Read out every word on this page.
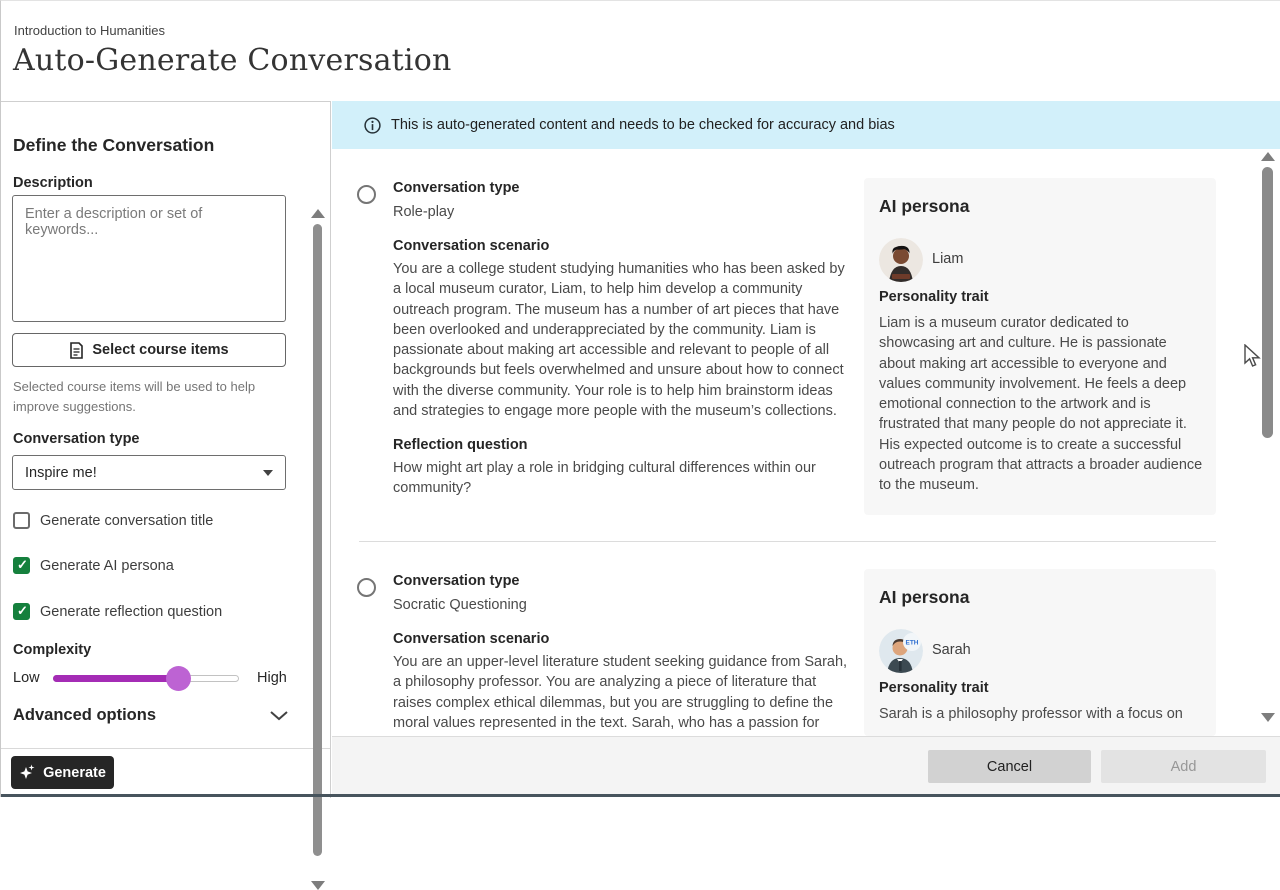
Introduction to Humanities
Auto-Generate Conversation
Define the Conversation
Description
Enter a description or set of keywords...
Select course items
Selected course items will be used to help improve suggestions.
Conversation type
Inspire me!
Generate conversation title
✓
Generate AI persona
✓
Generate reflection question
Complexity
Low	High
Advanced options
Generate
This is auto-generated content and needs to be checked for accuracy and bias
Conversation type
Role-play
Conversation scenario
You are a college student studying humanities who has been asked by a local museum curator, Liam, to help him develop a community outreach program. The museum has a number of art pieces that have been overlooked and underappreciated by the community. Liam is passionate about making art accessible and relevant to people of all backgrounds but feels overwhelmed and unsure about how to connect with the diverse community. Your role is to help him brainstorm ideas and strategies to engage more people with the museum’s collections.
Reflection question
How might art play a role in bridging cultural differences within our community?
AI persona
Liam
Personality trait
Liam is a museum curator dedicated to showcasing art and culture. He is passionate about making art accessible to everyone and values community involvement. He feels a deep emotional connection to the artwork and is frustrated that many people do not appreciate it. His expected outcome is to create a successful outreach program that attracts a broader audience to the museum.
Conversation type
Socratic Questioning
Conversation scenario
You are an upper-level literature student seeking guidance from Sarah, a philosophy professor. You are analyzing a piece of literature that raises complex ethical dilemmas, but you are struggling to define the moral values represented in the text. Sarah, who has a passion for
AI persona
ETH Sarah
Personality trait
Sarah is a philosophy professor with a focus on
Cancel	Add
